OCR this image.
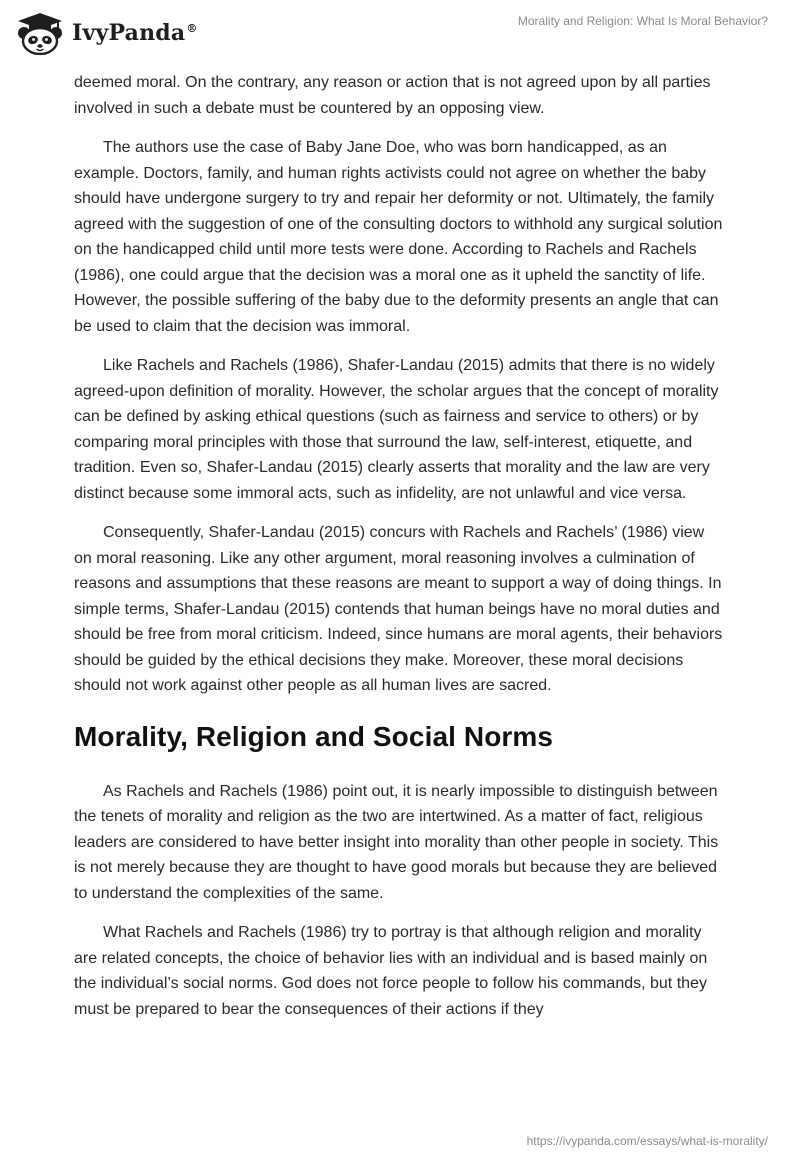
IvyPanda®
Morality and Religion: What Is Moral Behavior?

deemed moral. On the contrary, any reason or action that is not agreed upon by all parties involved in such a debate must be countered by an opposing view.

The authors use the case of Baby Jane Doe, who was born handicapped, as an example. Doctors, family, and human rights activists could not agree on whether the baby should have undergone surgery to try and repair her deformity or not. Ultimately, the family agreed with the suggestion of one of the consulting doctors to withhold any surgical solution on the handicapped child until more tests were done. According to Rachels and Rachels (1986), one could argue that the decision was a moral one as it upheld the sanctity of life. However, the possible suffering of the baby due to the deformity presents an angle that can be used to claim that the decision was immoral.

Like Rachels and Rachels (1986), Shafer-Landau (2015) admits that there is no widely agreed-upon definition of morality. However, the scholar argues that the concept of morality can be defined by asking ethical questions (such as fairness and service to others) or by comparing moral principles with those that surround the law, self-interest, etiquette, and tradition. Even so, Shafer-Landau (2015) clearly asserts that morality and the law are very distinct because some immoral acts, such as infidelity, are not unlawful and vice versa.

Consequently, Shafer-Landau (2015) concurs with Rachels and Rachels’ (1986) view on moral reasoning. Like any other argument, moral reasoning involves a culmination of reasons and assumptions that these reasons are meant to support a way of doing things. In simple terms, Shafer-Landau (2015) contends that human beings have no moral duties and should be free from moral criticism. Indeed, since humans are moral agents, their behaviors should be guided by the ethical decisions they make. Moreover, these moral decisions should not work against other people as all human lives are sacred.

Morality, Religion and Social Norms

As Rachels and Rachels (1986) point out, it is nearly impossible to distinguish between the tenets of morality and religion as the two are intertwined. As a matter of fact, religious leaders are considered to have better insight into morality than other people in society. This is not merely because they are thought to have good morals but because they are believed to understand the complexities of the same.

What Rachels and Rachels (1986) try to portray is that although religion and morality are related concepts, the choice of behavior lies with an individual and is based mainly on the individual’s social norms. God does not force people to follow his commands, but they must be prepared to bear the consequences of their actions if they

https://ivypanda.com/essays/what-is-morality/
